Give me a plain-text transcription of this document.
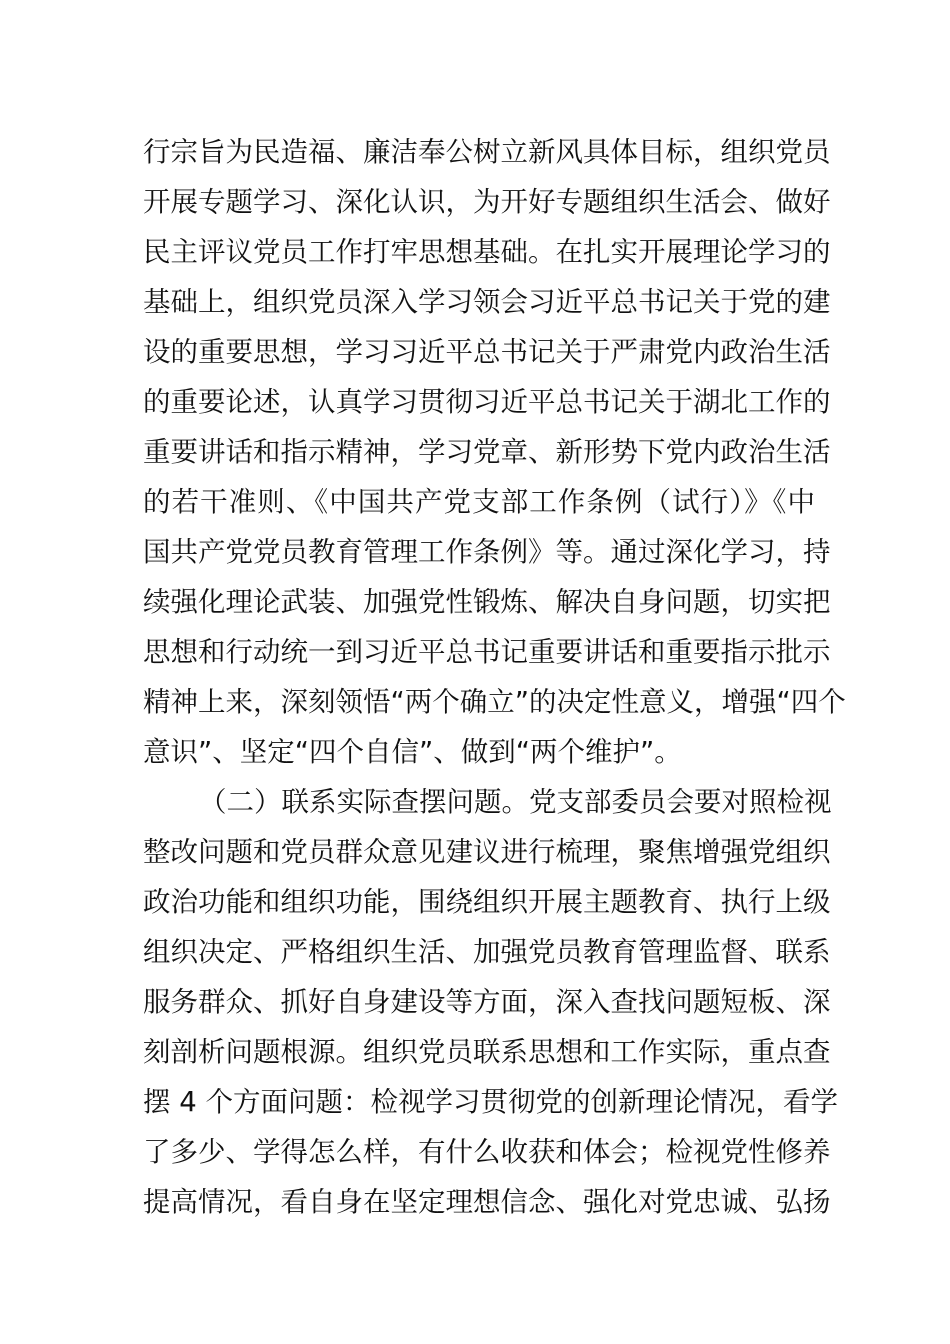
行宗旨为民造福、廉洁奉公树立新风具体目标，组织党员
开展专题学习、深化认识，为开好专题组织生活会、做好
民主评议党员工作打牢思想基础。在扎实开展理论学习的
基础上，组织党员深入学习领会习近平总书记关于党的建
设的重要思想，学习习近平总书记关于严肃党内政治生活
的重要论述，认真学习贯彻习近平总书记关于湖北工作的
重要讲话和指示精神，学习党章、新形势下党内政治生活
的若干准则、《中国共产党支部工作条例（试行）》《中
国共产党党员教育管理工作条例》等。通过深化学习，持
续强化理论武装、加强党性锻炼、解决自身问题，切实把
思想和行动统一到习近平总书记重要讲话和重要指示批示
精神上来，深刻领悟“两个确立”的决定性意义，增强“四个
意识”、坚定“四个自信”、做到“两个维护”。
（二）联系实际查摆问题。党支部委员会要对照检视
整改问题和党员群众意见建议进行梳理，聚焦增强党组织
政治功能和组织功能，围绕组织开展主题教育、执行上级
组织决定、严格组织生活、加强党员教育管理监督、联系
服务群众、抓好自身建设等方面，深入查找问题短板、深
刻剖析问题根源。组织党员联系思想和工作实际，重点查
摆 4 个方面问题：检视学习贯彻党的创新理论情况，看学
了多少、学得怎么样，有什么收获和体会；检视党性修养
提高情况，看自身在坚定理想信念、强化对党忠诚、弘扬
